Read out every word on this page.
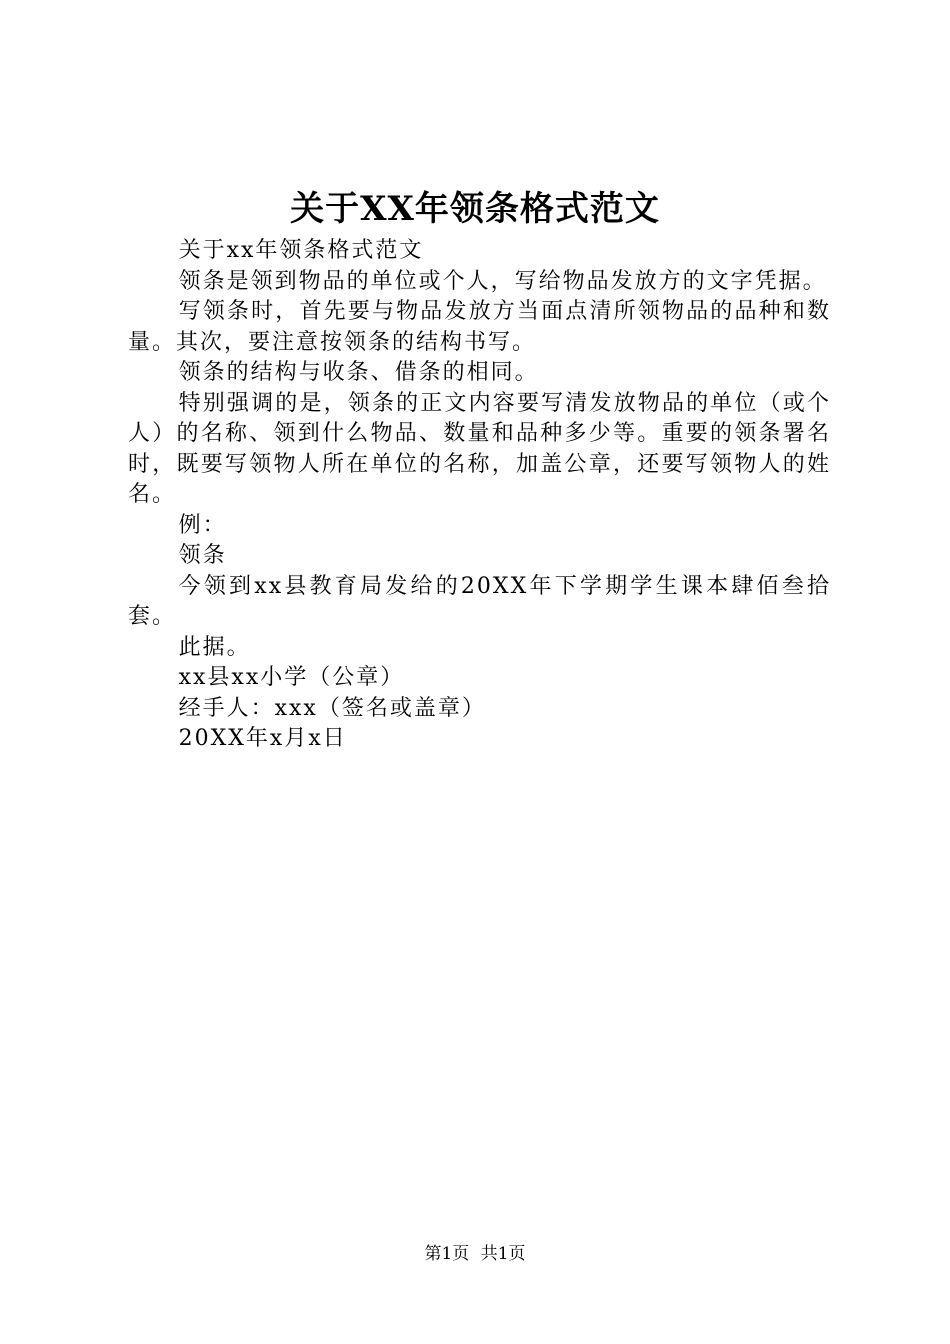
关于XX年领条格式范文

关于xx年领条格式范文

领条是领到物品的单位或个人，写给物品发放方的文字凭据。

写领条时，首先要与物品发放方当面点清所领物品的品种和数量。其次，要注意按领条的结构书写。

领条的结构与收条、借条的相同。

特别强调的是，领条的正文内容要写清发放物品的单位（或个人）的名称、领到什么物品、数量和品种多少等。重要的领条署名时，既要写领物人所在单位的名称，加盖公章，还要写领物人的姓名。

例：

领条

今领到xx县教育局发给的20XX年下学期学生课本肆佰叁拾套。

此据。

xx县xx小学（公章）

经手人：xxx（签名或盖章）

20XX年x月x日

第1页 共1页
